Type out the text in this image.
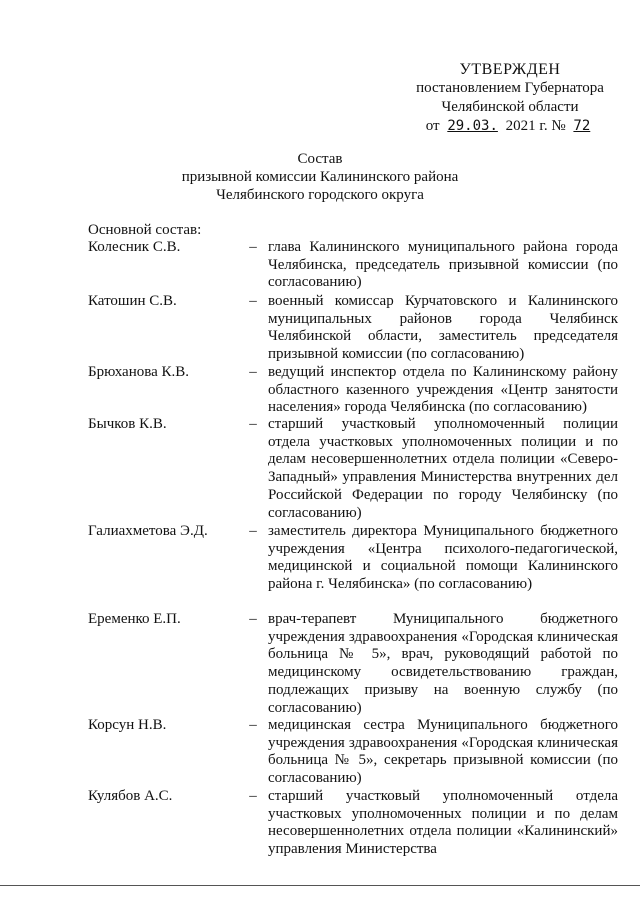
УТВЕРЖДЕН
постановлением Губернатора
Челябинской области
от 29.03. 2021 г. № 72
Состав
призывной комиссии Калининского района
Челябинского городского округа
Основной состав:
Колесник С.В.	– глава Калининского муниципального района города Челябинска, председатель призывной комиссии (по согласованию)
Катошин С.В.	– военный комиссар Курчатовского и Калининского муниципальных районов города Челябинск Челябинской области, заместитель председателя призывной комиссии (по согласованию)
Брюханова К.В.	– ведущий инспектор отдела по Калининскому району областного казенного учреждения «Центр занятости населения» города Челябинска (по согласованию)
Бычков К.В.	– старший участковый уполномоченный полиции отдела участковых уполномоченных полиции и по делам несовершеннолетних отдела полиции «Северо-Западный» управления Министерства внутренних дел Российской Федерации по городу Челябинску (по согласованию)
Галиахметова Э.Д.	– заместитель директора Муниципального бюджетного учреждения «Центра психолого-педагогической, медицинской и социальной помощи Калининского района г. Челябинска» (по согласованию)
Еременко Е.П.	– врач-терапевт Муниципального бюджетного учреждения здравоохранения «Городская клиническая больница № 5», врач, руководящий работой по медицинскому освидетельствованию граждан, подлежащих призыву на военную службу (по согласованию)
Корсун Н.В.	– медицинская сестра Муниципального бюджетного учреждения здравоохранения «Городская клиническая больница № 5», секретарь призывной комиссии (по согласованию)
Кулябов А.С.	– старший участковый уполномоченный отдела участковых уполномоченных полиции и по делам несовершеннолетних отдела полиции «Калининский» управления Министерства
